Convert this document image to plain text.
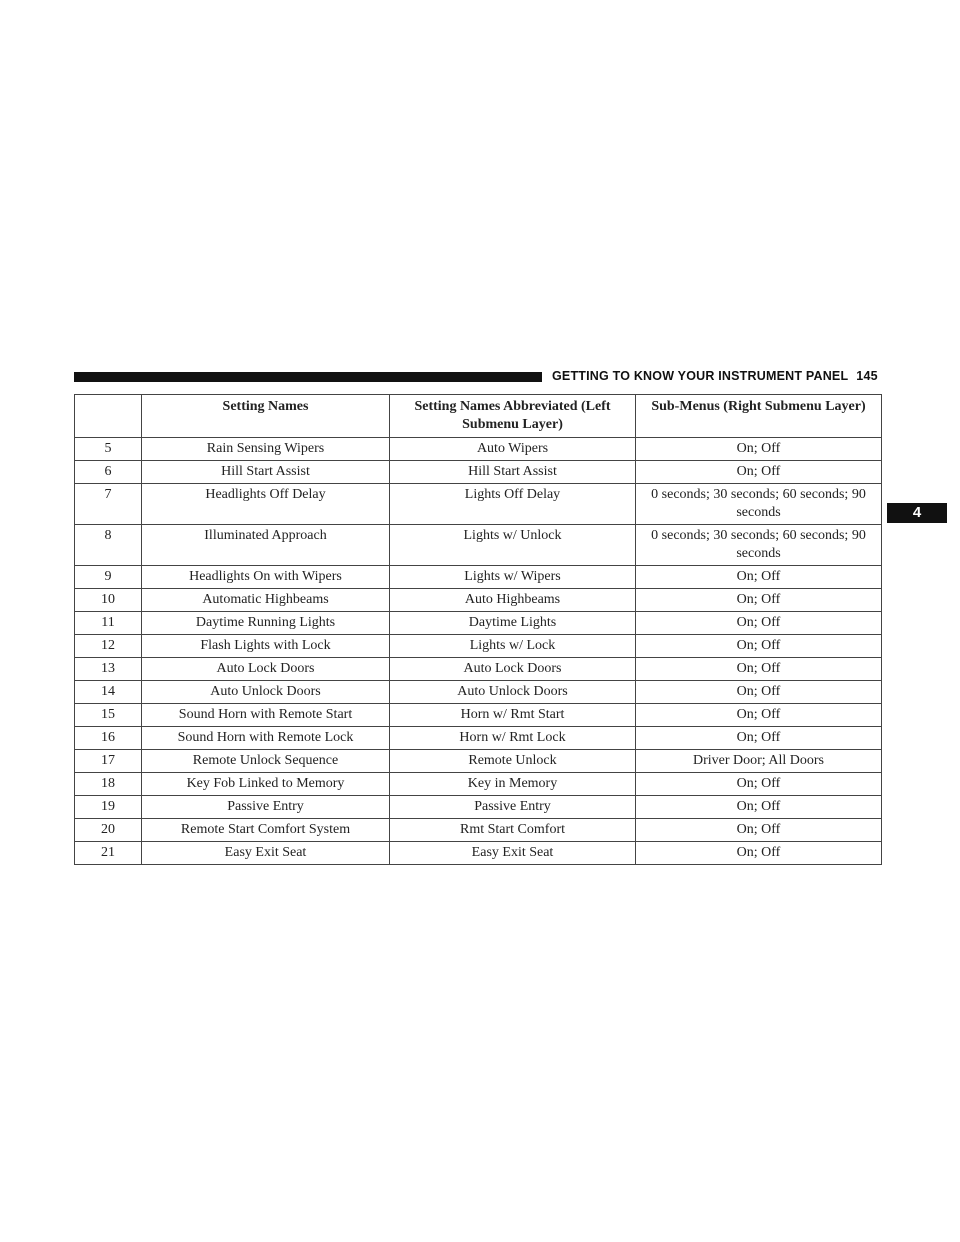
GETTING TO KNOW YOUR INSTRUMENT PANEL 145
4
	Setting Names	Setting Names Abbreviated (Left Submenu Layer)	Sub-Menus (Right Submenu Layer)
5	Rain Sensing Wipers	Auto Wipers	On; Off
6	Hill Start Assist	Hill Start Assist	On; Off
7	Headlights Off Delay	Lights Off Delay	0 seconds; 30 seconds; 60 seconds; 90 seconds
8	Illuminated Approach	Lights w/ Unlock	0 seconds; 30 seconds; 60 seconds; 90 seconds
9	Headlights On with Wipers	Lights w/ Wipers	On; Off
10	Automatic Highbeams	Auto Highbeams	On; Off
11	Daytime Running Lights	Daytime Lights	On; Off
12	Flash Lights with Lock	Lights w/ Lock	On; Off
13	Auto Lock Doors	Auto Lock Doors	On; Off
14	Auto Unlock Doors	Auto Unlock Doors	On; Off
15	Sound Horn with Remote Start	Horn w/ Rmt Start	On; Off
16	Sound Horn with Remote Lock	Horn w/ Rmt Lock	On; Off
17	Remote Unlock Sequence	Remote Unlock	Driver Door; All Doors
18	Key Fob Linked to Memory	Key in Memory	On; Off
19	Passive Entry	Passive Entry	On; Off
20	Remote Start Comfort System	Rmt Start Comfort	On; Off
21	Easy Exit Seat	Easy Exit Seat	On; Off
